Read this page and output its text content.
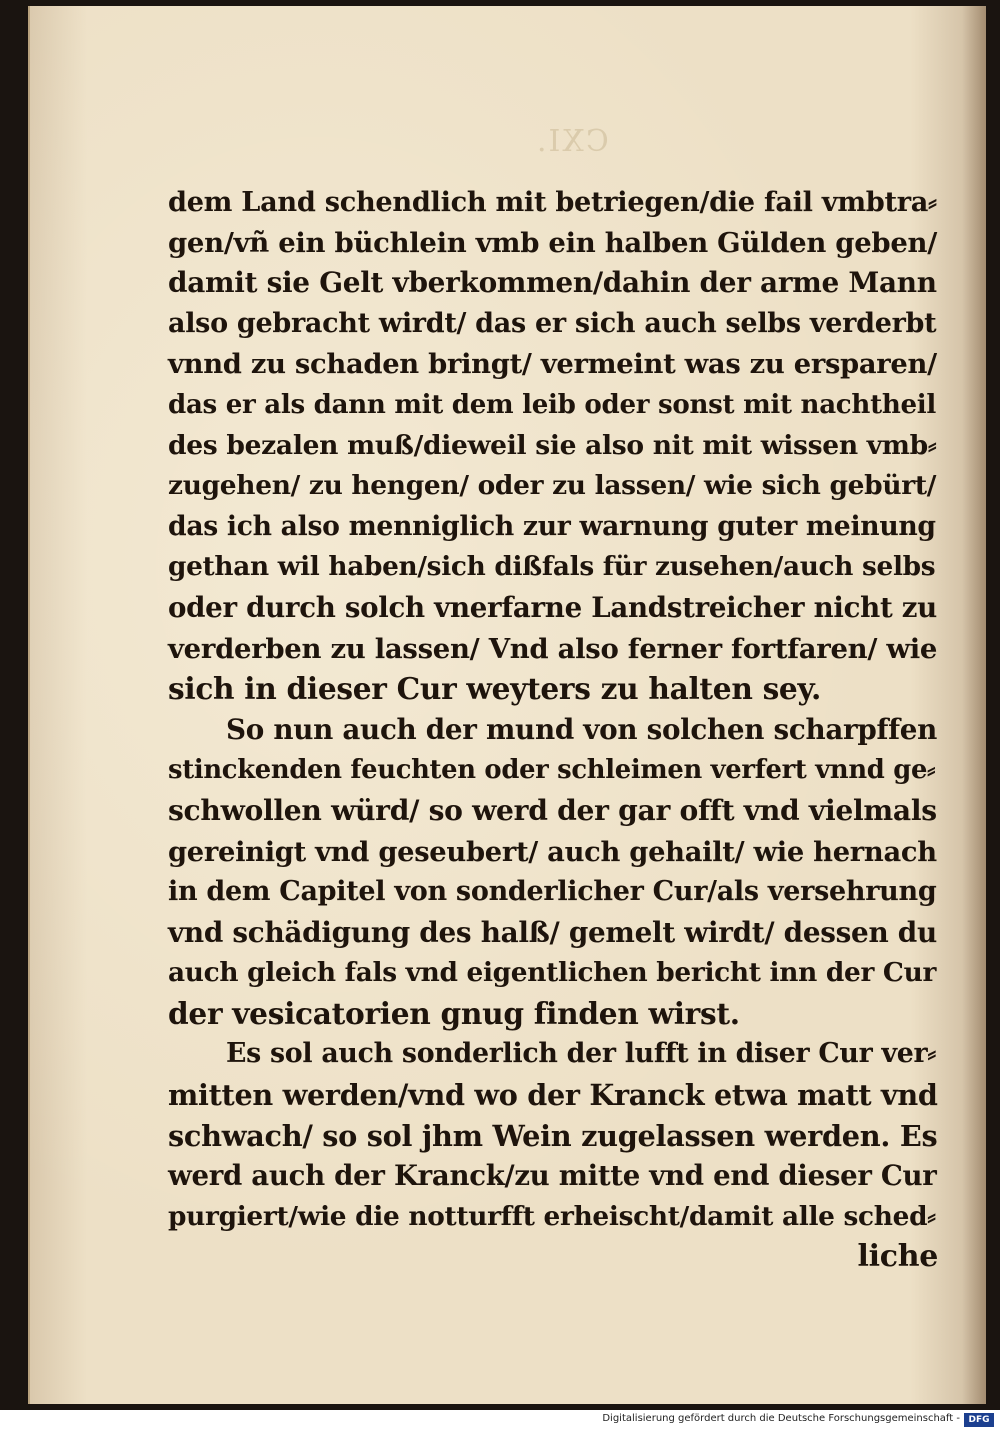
CXI.
dem Land schendlich mit betriegen/die fail vmbtra⸗
gen/vñ ein büchlein vmb ein halben Gülden geben/
damit sie Gelt vberkommen/dahin der arme Mann
also gebracht wirdt/ das er sich auch selbs verderbt
vnnd zu schaden bringt/ vermeint was zu ersparen/
das er als dann mit dem leib oder sonst mit nachtheil
des bezalen muß/dieweil sie also nit mit wissen vmb⸗
zugehen/ zu hengen/ oder zu lassen/ wie sich gebürt/
das ich also menniglich zur warnung guter meinung
gethan wil haben/sich dißfals für zusehen/auch selbs
oder durch solch vnerfarne Landstreicher nicht zu
verderben zu lassen/ Vnd also ferner fortfaren/ wie
sich in dieser Cur weyters zu halten sey.
So nun auch der mund von solchen scharpffen
stinckenden feuchten oder schleimen verfert vnnd ge⸗
schwollen würd/ so werd der gar offt vnd vielmals
gereinigt vnd geseubert/ auch gehailt/ wie hernach
in dem Capitel von sonderlicher Cur/als versehrung
vnd schädigung des halß/ gemelt wirdt/ dessen du
auch gleich fals vnd eigentlichen bericht inn der Cur
der vesicatorien gnug finden wirst.
Es sol auch sonderlich der lufft in diser Cur ver⸗
mitten werden/vnd wo der Kranck etwa matt vnd
schwach/ so sol jhm Wein zugelassen werden. Es
werd auch der Kranck/zu mitte vnd end dieser Cur
purgiert/wie die notturfft erheischt/damit alle sched⸗
liche
Digitalisierung gefördert durch die Deutsche Forschungsgemeinschaft - DFG
